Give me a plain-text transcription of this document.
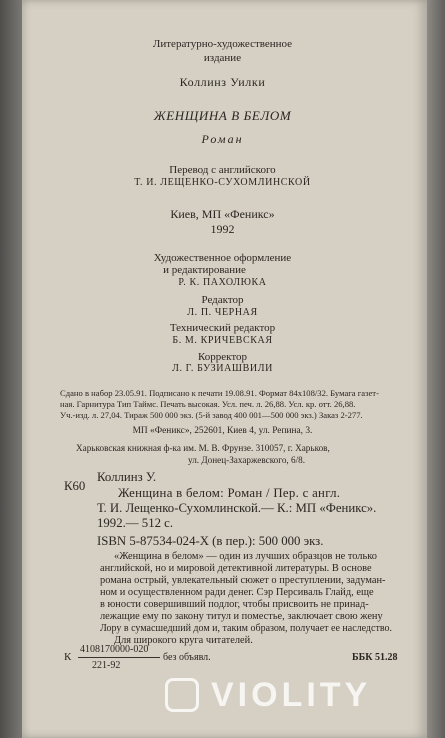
Литературно-художественное
издание
Коллинз Уилки
ЖЕНЩИНА В БЕЛОМ
Роман
Перевод с английского
Т. И. ЛЕЩЕНКО-СУХОМЛИНСКОЙ
Киев, МП «Феникс»
1992
Художественное оформление
и редактирование
Р. К. ПАХОЛЮКА
Редактор
Л. П. ЧЕРНАЯ
Технический редактор
Б. М. КРИЧЕВСКАЯ
Корректор
Л. Г. БУЗИАШВИЛИ
Сдано в набор 23.05.91. Подписано к печати 19.08.91. Формат 84х108/32. Бумага газет-
ная. Гарнитура Тип Таймс. Печать высокая. Усл. печ. л. 26,88. Усл. кр. отт. 26,88.
Уч.-изд. л. 27,04. Тираж 500 000 экз. (5-й завод 400 001—500 000 экз.) Заказ 2-277.
МП «Феникс», 252601, Киев 4, ул. Репина, 3.
Харьковская книжная ф-ка им. М. В. Фрунзе. 310057, г. Харьков,
ул. Донец-Захаржевского, 6/8.
К60
Коллинз У.
Женщина в белом: Роман / Пер. с англ.
Т. И. Лещенко-Сухомлинской.— К.: МП «Феникс».
1992.— 512 с.
ISBN 5-87534-024-Х (в пер.): 500 000 экз.
«Женщина в белом» — один из лучших образцов не только
английской, но и мировой детективной литературы. В основе
романа острый, увлекательный сюжет о преступлении, задуман-
ном и осуществленном ради денег. Сэр Персиваль Глайд, еще
в юности совершивший подлог, чтобы присвоить не принад-
лежащие ему по закону титул и поместье, заключает свою жену
Лору в сумасшедший дом и, таким образом, получает ее наследство.
Для широкого круга читателей.
К
4108170000-020
221-92
без объявл.	ББК 51.28
VIOLITY
